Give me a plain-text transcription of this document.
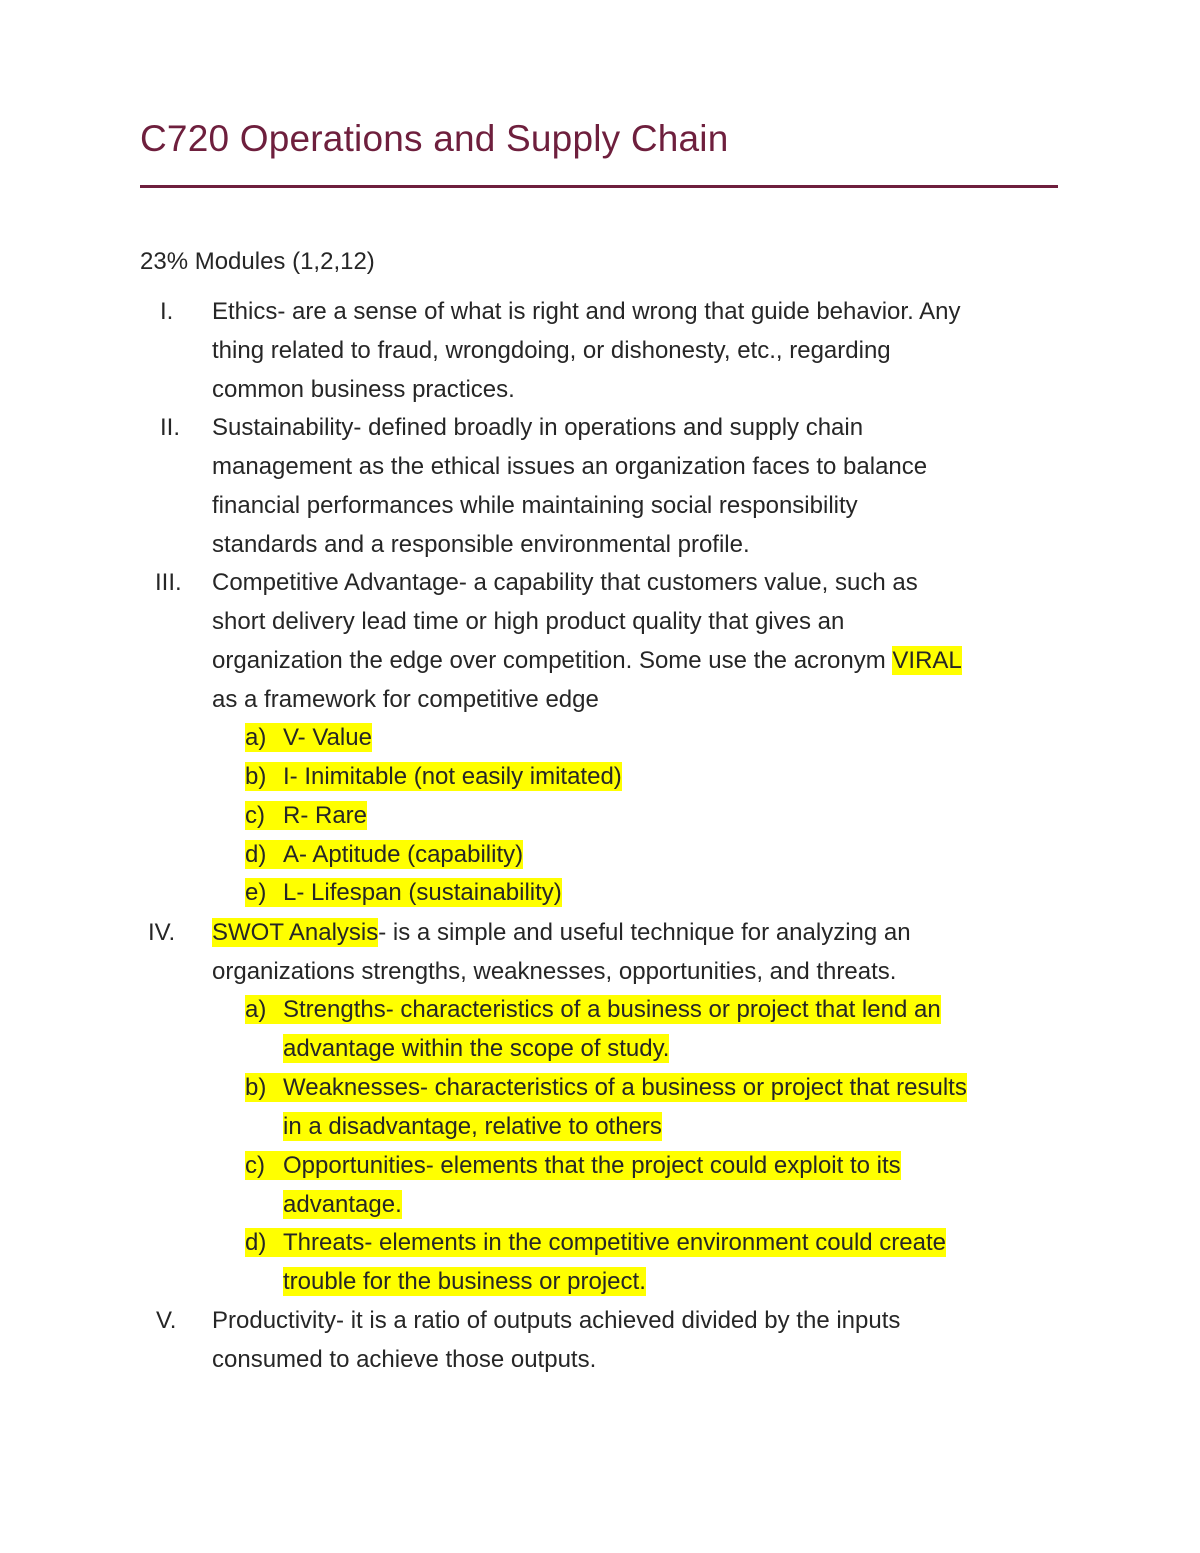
C720 Operations and Supply Chain
23% Modules (1,2,12)
I. Ethics- are a sense of what is right and wrong that guide behavior. Any
thing related to fraud, wrongdoing, or dishonesty, etc., regarding
common business practices.
II. Sustainability- defined broadly in operations and supply chain
management as the ethical issues an organization faces to balance
financial performances while maintaining social responsibility
standards and a responsible environmental profile.
III. Competitive Advantage- a capability that customers value, such as
short delivery lead time or high product quality that gives an
organization the edge over competition. Some use the acronym VIRAL
as a framework for competitive edge
a) V- Value
b) I- Inimitable (not easily imitated)
c) R- Rare
d) A- Aptitude (capability)
e) L- Lifespan (sustainability)
IV. SWOT Analysis- is a simple and useful technique for analyzing an
organizations strengths, weaknesses, opportunities, and threats.
a) Strengths- characteristics of a business or project that lend an
advantage within the scope of study.
b) Weaknesses- characteristics of a business or project that results
in a disadvantage, relative to others
c) Opportunities- elements that the project could exploit to its
advantage.
d) Threats- elements in the competitive environment could create
trouble for the business or project.
V. Productivity- it is a ratio of outputs achieved divided by the inputs
consumed to achieve those outputs.
